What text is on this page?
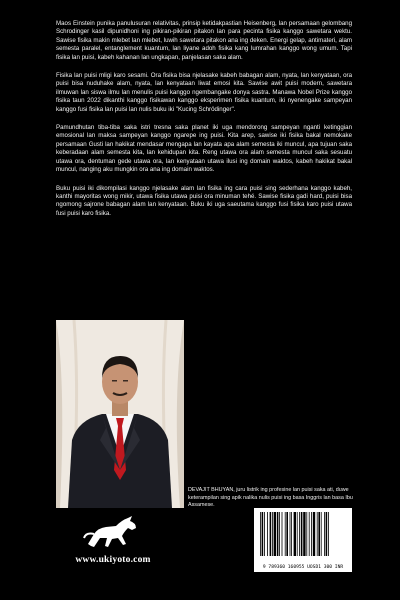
Maos Einstein punika panulusuran relativitas, prinsip ketidakpastian Heisenberg, lan persamaan gelombang Schrodinger kasil dipunidhoni ing pikiran-pikiran pitakon lan para pecinta fisika kanggo sawetara wektu. Sawise fisika makin mlebet lan mlebet, luwih sawetara pitakon ana ing deken. Energi gelap, antimateri, alam semesta paralel, entanglement kuantum, lan liyane adoh fisika kang lumrahan kanggo wong umum. Tapi fisika lan puisi, kabeh kahanan lan ungkapan, panjelasan saka alam.

Fisika lan puisi mligi karo sesami. Ora fisika bisa njelasake kabeh babagan alam, nyata, lan kenyataan, ora puisi bisa nuduhake alam, nyata, lan kenyataan liwat emosi kita. Sawise awit puisi modern, sawetara ilmuwan lan siswa ilmu lan menulis puisi kanggo ngembangake donya sastra. Manawa Nobel Prize kanggo fisika taun 2022 dikanthi kanggo fisikawan kanggo eksperimen fisika kuantum, iki nyenengake sampeyan kanggo fusi fisika lan puisi lan nulis buku iki "Kucing Schrödinger".

Pamundhutan tiba-tiba saka istri tresna saka planet iki uga mendorong sampeyan nganti ketinggian emosional lan maksa sampeyan kanggo ngarepe ing puisi. Kita arep, sawise iki fisika bakal nemokake persamaan Gusti lan hakikat mendasar mengapa lan kayata apa alam semesta iki muncul, apa tujuan saka keberadaan alam semesta kita, lan kehidupan kita. Reng utawa ora alam semesta muncul saka sesuatu utawa ora, dentuman gede utawa ora, lan kenyataan utawa ilusi ing domain waktos, kabeh hakikat bakal muncul, nanging aku mungkin ora ana ing domain waktos.

Buku puisi iki dikompilasi kanggo njelasake alam lan fisika ing cara puisi sing sederhana kanggo kabeh, kanthi mayoritas wong mikir, utawa fisika utawa puisi ora minuman tehé. Sawise fisika gadi hard, puisi bisa ngomong sajrone babagan alam lan kenyataan. Buku iki uga saeutama kanggo fusi fisika karo puisi utawa fusi puisi karo fisika.

DEVAJIT BHUYAN, juru listrik ing profesine lan puisi saka ati, duwe keterampilan sing apik nalika nulis puisi ing basa Inggris lan basa Ibu Assamese.
www.ukiyoto.com
9 789360 160955 UOSD1 300 INR
